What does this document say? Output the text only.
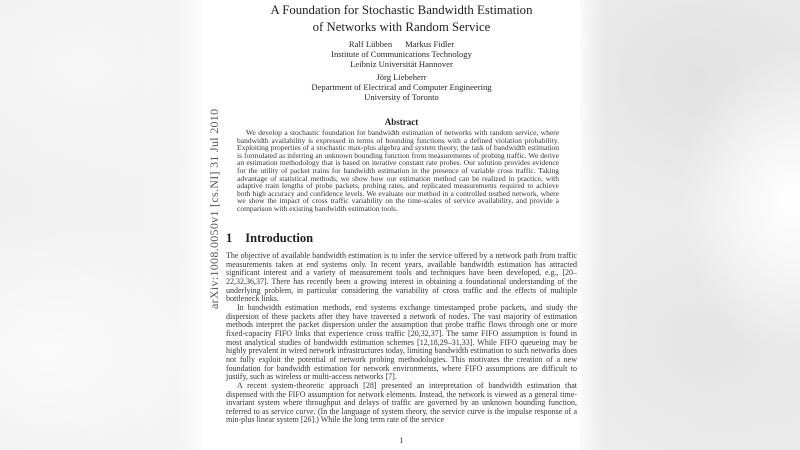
arXiv:1008.0050v1 [cs.NI] 31 Jul 2010
A Foundation for Stochastic Bandwidth Estimation
of Networks with Random Service
Ralf Lübben Markus Fidler
Institute of Communications Technology
Leibniz Universität Hannover
Jörg Liebeherr
Department of Electrical and Computer Engineering
University of Toronto
Abstract
We develop a stochastic foundation for bandwidth estimation of networks with random service, where bandwidth availability is expressed in terms of bounding functions with a defined violation probability. Exploiting properties of a stochastic max-plus algebra and system theory, the task of bandwidth estimation is formulated as inferring an unknown bounding function from measurements of probing traffic. We derive an estimation methodology that is based on iterative constant rate probes. Our solution provides evidence for the utility of packet trains for bandwidth estimation in the presence of variable cross traffic. Taking advantage of statistical methods, we show how our estimation method can be realized in practice, with adaptive train lengths of probe packets, probing rates, and replicated measurements required to achieve both high accuracy and confidence levels. We evaluate our method in a controlled testbed network, where we show the impact of cross traffic variability on the time-scales of service availability, and provide a comparison with existing bandwidth estimation tools.
1 Introduction

The objective of available bandwidth estimation is to infer the service offered by a network path from traffic measurements taken at end systems only. In recent years, available bandwidth estimation has attracted significant interest and a variety of measurement tools and techniques have been developed, e.g., [20–22,32,36,37]. There has recently been a growing interest in obtaining a foundational understanding of the underlying problem, in particular considering the variability of cross traffic and the effects of multiple bottleneck links.

In bandwidth estimation methods, end systems exchange timestamped probe packets, and study the dispersion of these packets after they have traversed a network of nodes. The vast majority of estimation methods interpret the packet dispersion under the assumption that probe traffic flows through one or more fixed-capacity FIFO links that experience cross traffic [20,32,37]. The same FIFO assumption is found in most analytical studies of bandwidth estimation schemes [12,18,29–31,33]. While FIFO queueing may be highly prevalent in wired network infrastructures today, limiting bandwidth estimation to such networks does not fully exploit the potential of network probing methodologies. This motivates the creation of a new foundation for bandwidth estimation for network environments, where FIFO assumptions are difficult to justify, such as wireless or multi-access networks [7].

A recent system-theoretic approach [28] presented an interpretation of bandwidth estimation that dispensed with the FIFO assumption for network elements. Instead, the network is viewed as a general time-invariant system where throughput and delays of traffic are governed by an unknown bounding function, referred to as service curve. (In the language of system theory, the service curve is the impulse response of a min-plus linear system [26].) While the long term rate of the service

1
